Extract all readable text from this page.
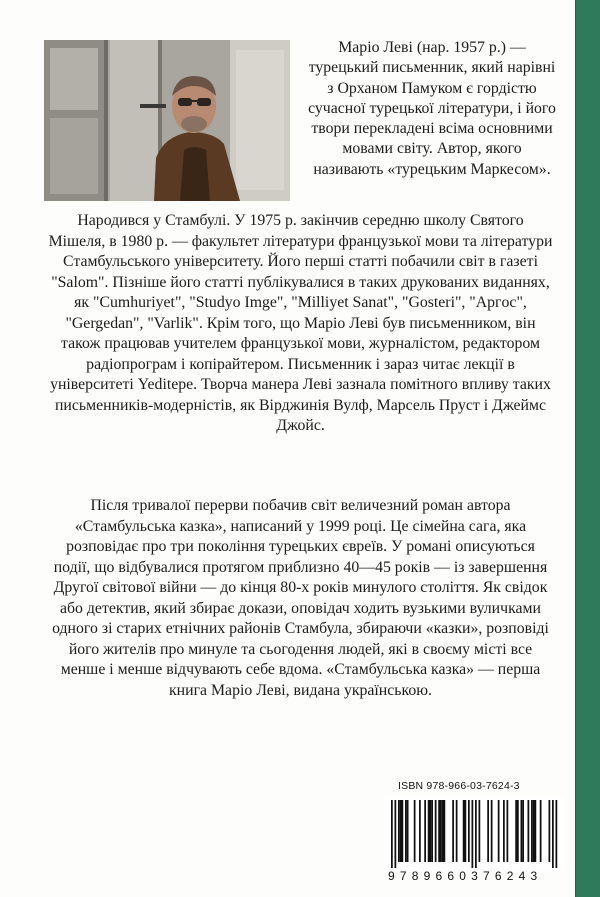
Маріо Леві (нар. 1957 р.) — турецький письменник, який нарівні з Орханом Памуком є гордістю сучасної турецької літератури, і його твори перекладені всіма основними мовами світу. Автор, якого називають «турецьким Маркесом».

Народився у Стамбулі. У 1975 р. закінчив середню школу Святого Мішеля, в 1980 р. — факультет літератури французької мови та літератури Стамбульського університету. Його перші статті побачили світ в газеті "Salom". Пізніше його статті публікувалися в таких друкованих виданнях, як "Cumhuriyet", "Studyo Imge", "Milliyet Sanat", "Gosteri", "Apгoc", "Gergedan", "Varlik". Крім того, що Маріо Леві був письменником, він також працював учителем французької мови, журналістом, редактором радіопрограм і копірайтером. Письменник і зараз читає лекції в університеті Yeditepe. Творча манера Леві зазнала помітного впливу таких письменників-модерністів, як Вірджинія Вулф, Марсель Пруст і Джеймс Джойс.

Після тривалої перерви побачив світ величезний роман автора «Стамбульська казка», написаний у 1999 році. Це сімейна сага, яка розповідає про три покоління турецьких євреїв. У романі описуються події, що відбувалися протягом приблизно 40—45 років — із завершення Другої світової війни — до кінця 80-х років минулого століття. Як свідок або детектив, який збирає докази, оповідач ходить вузькими вуличками одного зі старих етнічних районів Стамбула, збираючи «казки», розповіді його жителів про минуле та сьогодення людей, які в своєму місті все менше і менше відчувають себе вдома. «Стамбульська казка» — перша книга Маріо Леві, видана українською.

ISBN 978-966-03-7624-3

9789660376243
